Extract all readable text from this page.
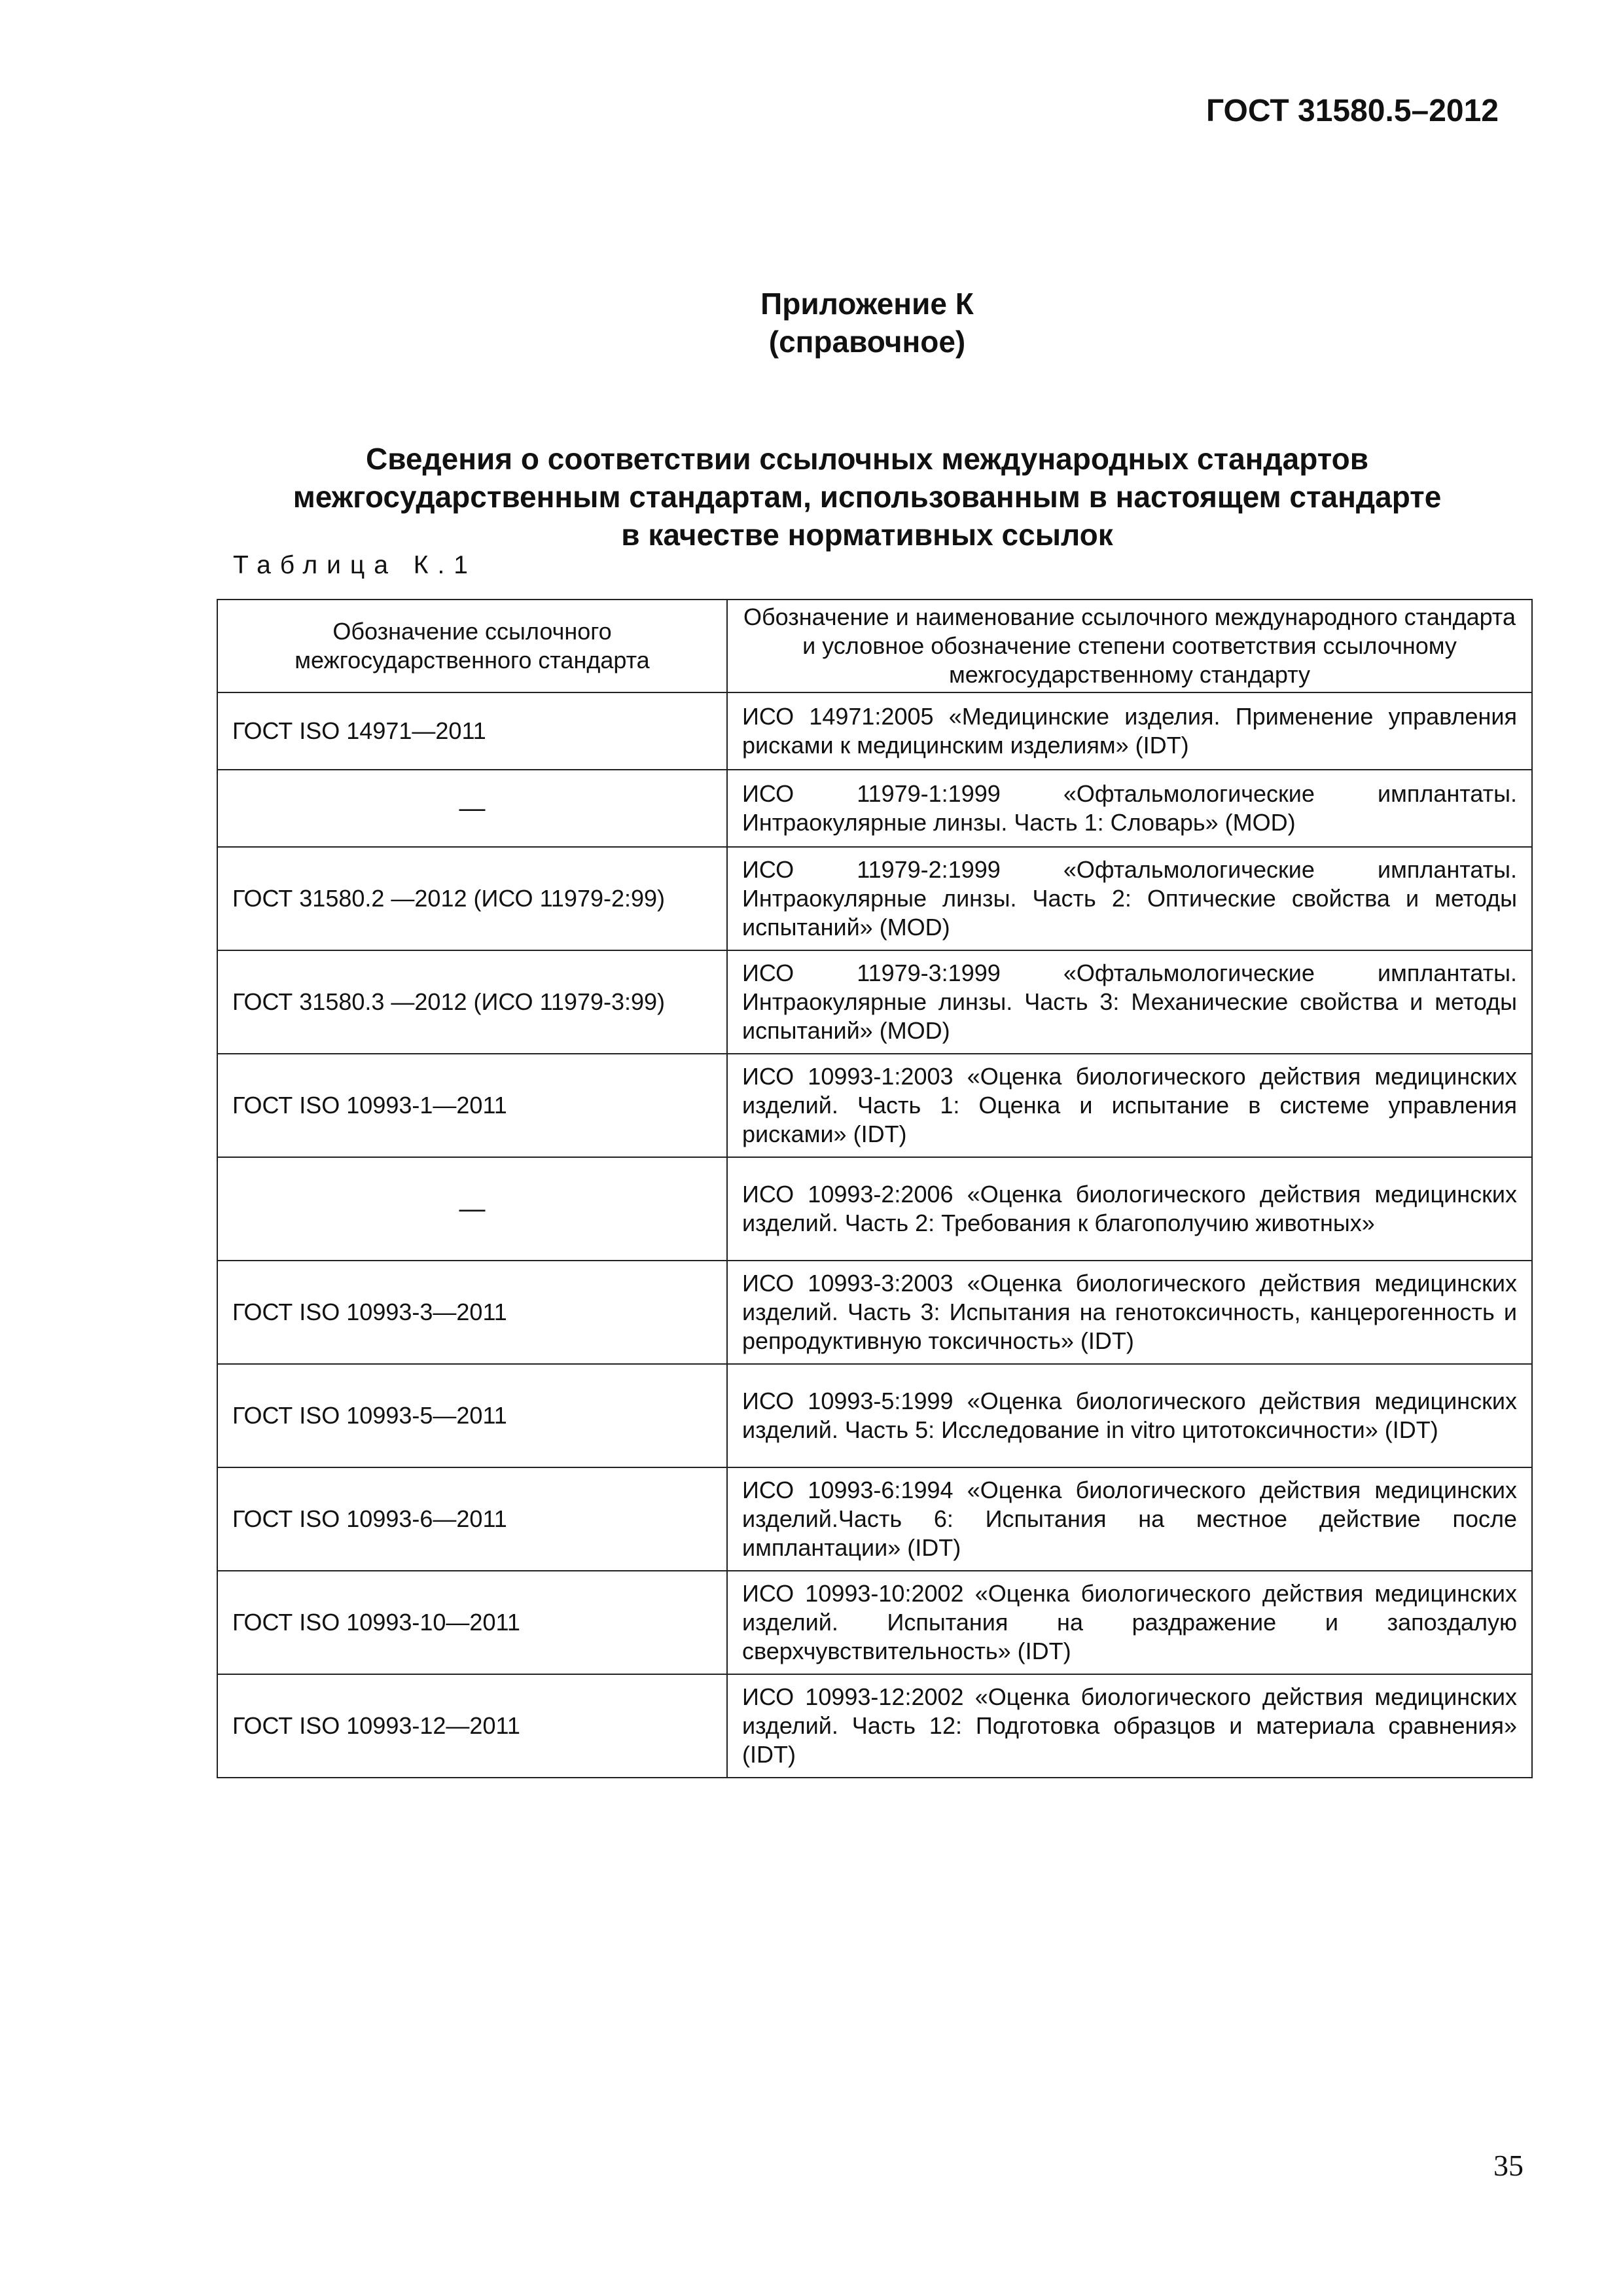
ГОСТ 31580.5–2012
Приложение К
(справочное)
Сведения о соответствии ссылочных международных стандартов
межгосударственным стандартам, использованным в настоящем стандарте
в качестве нормативных ссылок
Таблица К.1
Обозначение ссылочного межгосударственного стандарта	Обозначение и наименование ссылочного международного стандарта и условное обозначение степени соответствия ссылочному межгосударственному стандарту
ГОСТ ISO 14971—2011	ИСО 14971:2005 «Медицинские изделия. Применение управления рисками к медицинским изделиям» (IDT)
—	ИСО 11979-1:1999 «Офтальмологические имплантаты. Интраокулярные линзы. Часть 1: Словарь» (MOD)
ГОСТ 31580.2 —2012 (ИСО 11979-2:99)	ИСО 11979-2:1999 «Офтальмологические имплантаты. Интраокулярные линзы. Часть 2: Оптические свойства и методы испытаний» (MOD)
ГОСТ 31580.3 —2012 (ИСО 11979-3:99)	ИСО 11979-3:1999 «Офтальмологические имплантаты. Интраокулярные линзы. Часть 3: Механические свойства и методы испытаний» (MOD)
ГОСТ ISO 10993-1—2011	ИСО 10993-1:2003 «Оценка биологического действия медицинских изделий. Часть 1: Оценка и испытание в системе управления рисками» (IDT)
—	ИСО 10993-2:2006 «Оценка биологического действия медицинских изделий. Часть 2: Требования к благополучию животных»
ГОСТ ISO 10993-3—2011	ИСО 10993-3:2003 «Оценка биологического действия медицинских изделий. Часть 3: Испытания на генотоксичность, канцерогенность и репродуктивную токсичность» (IDT)
ГОСТ ISO 10993-5—2011	ИСО 10993-5:1999 «Оценка биологического действия медицинских изделий. Часть 5: Исследование in vitro цитотоксичности» (IDT)
ГОСТ ISO 10993-6—2011	ИСО 10993-6:1994 «Оценка биологического действия медицинских изделий.Часть 6: Испытания на местное действие после имплантации» (IDT)
ГОСТ ISO 10993-10—2011	ИСО 10993-10:2002 «Оценка биологического действия медицинских изделий. Испытания на раздражение и запоздалую сверхчувствительность» (IDT)
ГОСТ ISO 10993-12—2011	ИСО 10993-12:2002 «Оценка биологического действия медицинских изделий. Часть 12: Подготовка образцов и материала сравнения» (IDT)
35
